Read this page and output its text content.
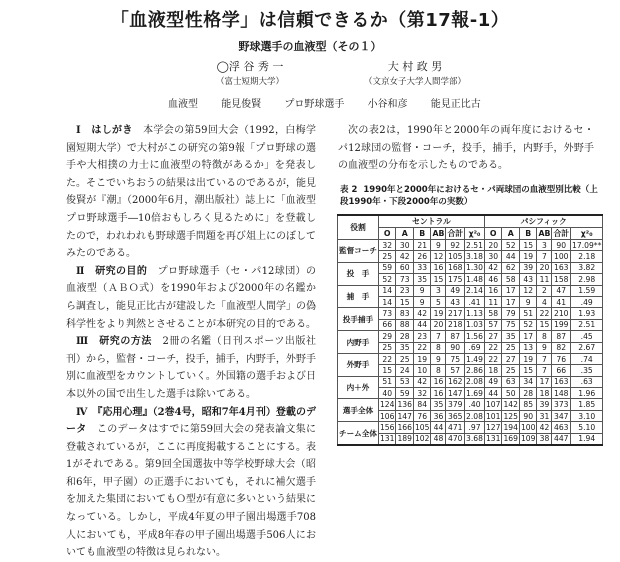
「血液型性格学」は信頼できるか（第17報-1）
野球選手の血液型（その１）
◯浮 谷 秀 一
（富士短期大学）
大 村 政 男
（文京女子大学人間学部）
血液型 能見俊賢 プロ野球選手 小谷和彦 能見正比古

Ⅰ　はしがき　 本学会の第59回大会（1992，白梅学園短期大学）で大村がこの研究の第9報「プロ野球の選手や大相撲の力士に血液型の特徴があるか」を発表した。そこでいちおうの結果は出ているのであるが，能見俊賢が『潮』（2000年6月，潮出版社）誌上に「血液型プロ野球選手―10倍おもしろく見るために」を登載したので，われわれも野球選手問題を再び俎上にのぼしてみたのである。

Ⅱ　研究の目的　 プロ野球選手（セ・パ12球団）の血液型（ＡＢＯ式）を1990年および2000年の名鑑から調査し，能見正比古が建設した「血液型人間学」の偽科学性をより判然とさせることが本研究の目的である。

Ⅲ　研究の方法　 2冊の名鑑（日刊スポーツ出版社刊）から，監督・コーチ，投手，捕手，内野手，外野手別に血液型をカウントしていく。外国籍の選手および日本以外の国で出生した選手は除いてある。

Ⅳ　『応用心理』（2巻4号，昭和7年4月刊）登載のデータ　 このデータはすでに第59回大会の発表論文集に登載されているが，ここに再度掲載することにする。表1がそれである。第9回全国選抜中等学校野球大会（昭和6年，甲子園）の正選手においても，それに補欠選手を加えた集団においてもＯ型が有意に多いという結果になっている。しかし，平成4年夏の甲子園出場選手708人においても，平成8年春の甲子園出場選手506人においても血液型の特徴は見られない。

次の表2は，1990年と2000年の両年度におけるセ・パ12球団の監督・コーチ，投手，捕手，内野手，外野手の血液型の分布を示したものである。

表 2 1990年と2000年におけるセ・パ両球団の血液型別比較（上段1990年・下段2000年の実数）
役割	セントラル						パシフィック					
	O	A	B	AB	合計	χ²₀	O	A	B	AB	合計	χ²₀
監督コーチ	32	30	21	9	92	2.51	20	52	15	3	90	17.09**
	25	42	26	12	105	3.18	30	44	19	7	100	2.18
投　手	59	60	33	16	168	1.30	42	62	39	20	163	3.82
	52	73	35	15	175	1.48	46	58	43	11	158	2.98
捕　手	14	23	9	3	49	2.14	16	17	12	2	47	1.59
	14	15	9	5	43	.41	11	17	9	4	41	.49
投手捕手	73	83	42	19	217	1.13	58	79	51	22	210	1.93
	66	88	44	20	218	1.03	57	75	52	15	199	2.51
内野手	29	28	23	7	87	1.56	27	35	17	8	87	.45
	25	35	22	8	90	.69	22	25	13	9	82	2.67
外野手	22	25	19	9	75	1.49	22	27	19	7	76	.74
	15	24	10	8	57	2.86	18	25	15	7	66	.35
内＋外	51	53	42	16	162	2.08	49	63	34	17	163	.63
	40	59	32	16	147	1.69	44	50	28	18	148	1.96
選手全体	124	136	84	35	379	.40	107	142	85	39	373	1.85
	106	147	76	36	365	2.08	101	125	90	31	347	3.10
チーム全体	156	166	105	44	471	.97	127	194	100	42	463	5.10
	131	189	102	48	470	3.68	131	169	109	38	447	1.94
